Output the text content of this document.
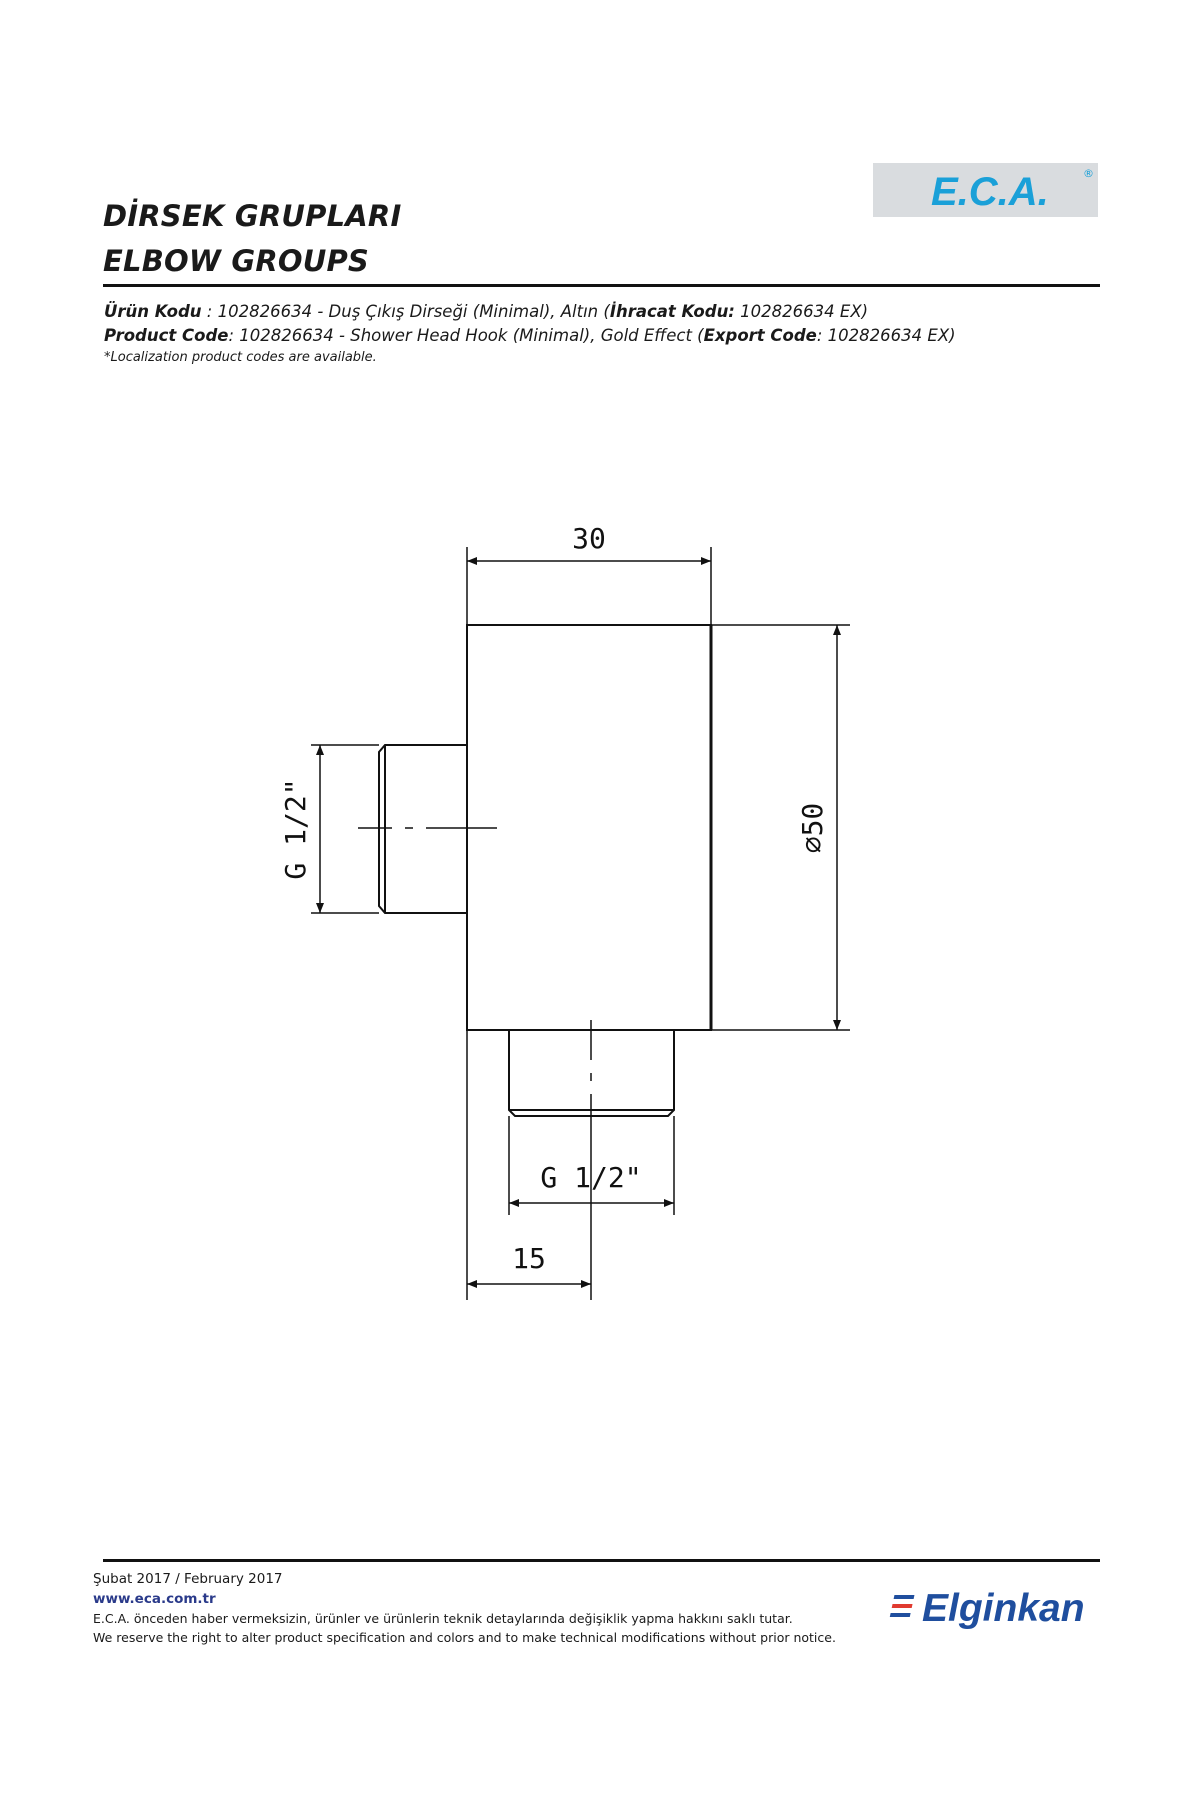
DİRSEK GRUPLARI
ELBOW GROUPS
E.C.A.	®
Ürün Kodu : 102826634 - Duş Çıkış Dirseği (Minimal), Altın (İhracat Kodu: 102826634 EX)
Product Code: 102826634 - Shower Head Hook (Minimal), Gold Effect (Export Code: 102826634 EX)
*Localization product codes are available.
30
⌀50
G 1/2"
G 1/2"
15
Şubat 2017 / February 2017
www.eca.com.tr
E.C.A. önceden haber vermeksizin, ürünler ve ürünlerin teknik detaylarında değişiklik yapma hakkını saklı tutar.
We reserve the right to alter product specification and colors and to make technical modifications without prior notice.
Elginkan
